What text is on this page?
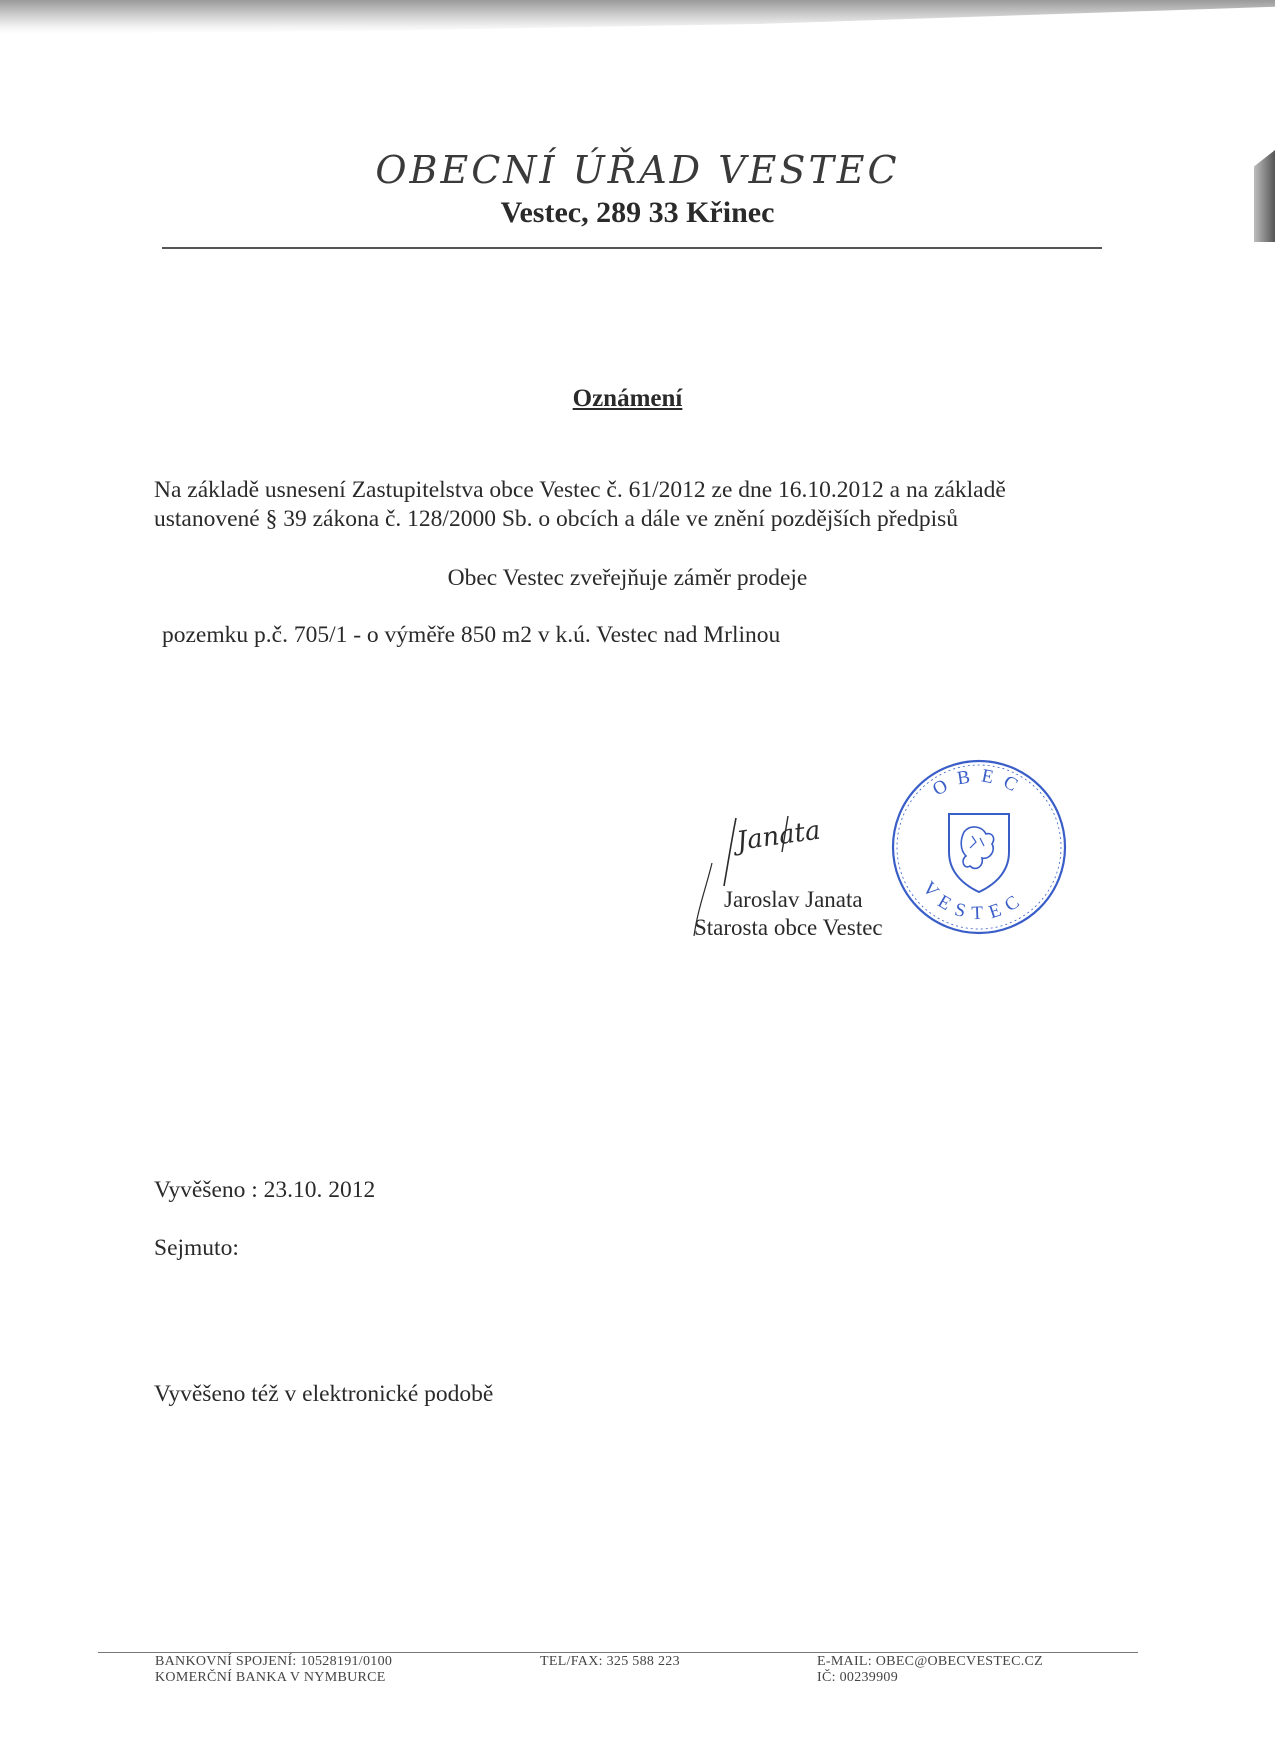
OBECNÍ ÚŘAD VESTEC
Vestec, 289 33 Křinec
Oznámení
Na základě usnesení Zastupitelstva obce Vestec č. 61/2012 ze dne 16.10.2012 a na základě
ustanovené § 39 zákona č. 128/2000 Sb. o obcích a dále ve znění pozdějších předpisů
Obec Vestec zveřejňuje záměr prodeje
pozemku p.č. 705/1 - o výměře 850 m2 v k.ú. Vestec nad Mrlinou
Janata
Jaroslav Janata
Starosta obce Vestec
OBEC
VESTEC
Vyvěšeno : 23.10. 2012
Sejmuto:
Vyvěšeno též v elektronické podobě
BANKOVNÍ SPOJENÍ: 10528191/0100
KOMERČNÍ BANKA V NYMBURCE
TEL/FAX: 325 588 223	E-MAIL: OBEC@OBECVESTEC.CZ
IČ: 00239909
